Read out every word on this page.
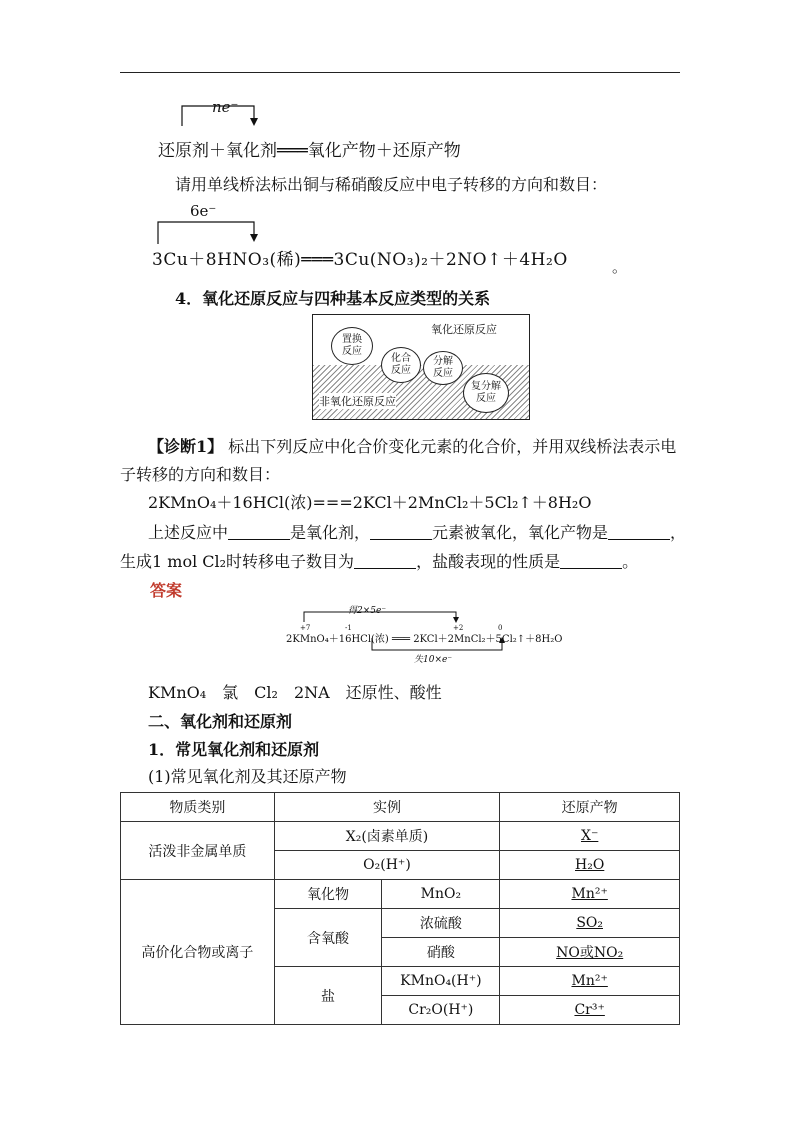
ne⁻
还原剂＋氧化剂═══氧化产物＋还原产物
请用单线桥法标出铜与稀硝酸反应中电子转移的方向和数目：
6e⁻
3Cu＋8HNO₃(稀)═══3Cu(NO₃)₂＋2NO↑＋4H₂O	。
4．氧化还原反应与四种基本反应类型的关系
氧化还原反应
非氧化还原反应
置换
反应
化合
反应
分解
反应
复分解
反应
【诊断1】 标出下列反应中化合价变化元素的化合价，并用双线桥法表示电
子转移的方向和数目：
2KMnO₄＋16HCl(浓)===2KCl＋2MnCl₂＋5Cl₂↑＋8H₂O
上述反应中	是氧化剂，	元素被氧化，氧化产物是	，
生成1 mol Cl₂时转移电子数目为	，盐酸表现的性质是	。
答案
得2×5e⁻
失10×e⁻
+7	-1	+2	0
2KMnO₄＋16HCl(浓) ═══ 2KCl＋2MnCl₂＋5Cl₂↑＋8H₂O
KMnO₄　氯　Cl₂　2NA　还原性、酸性
二、氧化剂和还原剂
1．常见氧化剂和还原剂
(1)常见氧化剂及其还原产物
物质类别	实例		还原产物
活泼非金属单质	X₂(卤素单质)		X⁻
	O₂(H⁺)		H₂O
高价化合物或离子	氧化物	MnO₂	Mn²⁺
	含氧酸	浓硫酸	SO₂
		硝酸	NO或NO₂
	盐	KMnO₄(H⁺)	Mn²⁺
		Cr₂O(H⁺)	Cr³⁺
